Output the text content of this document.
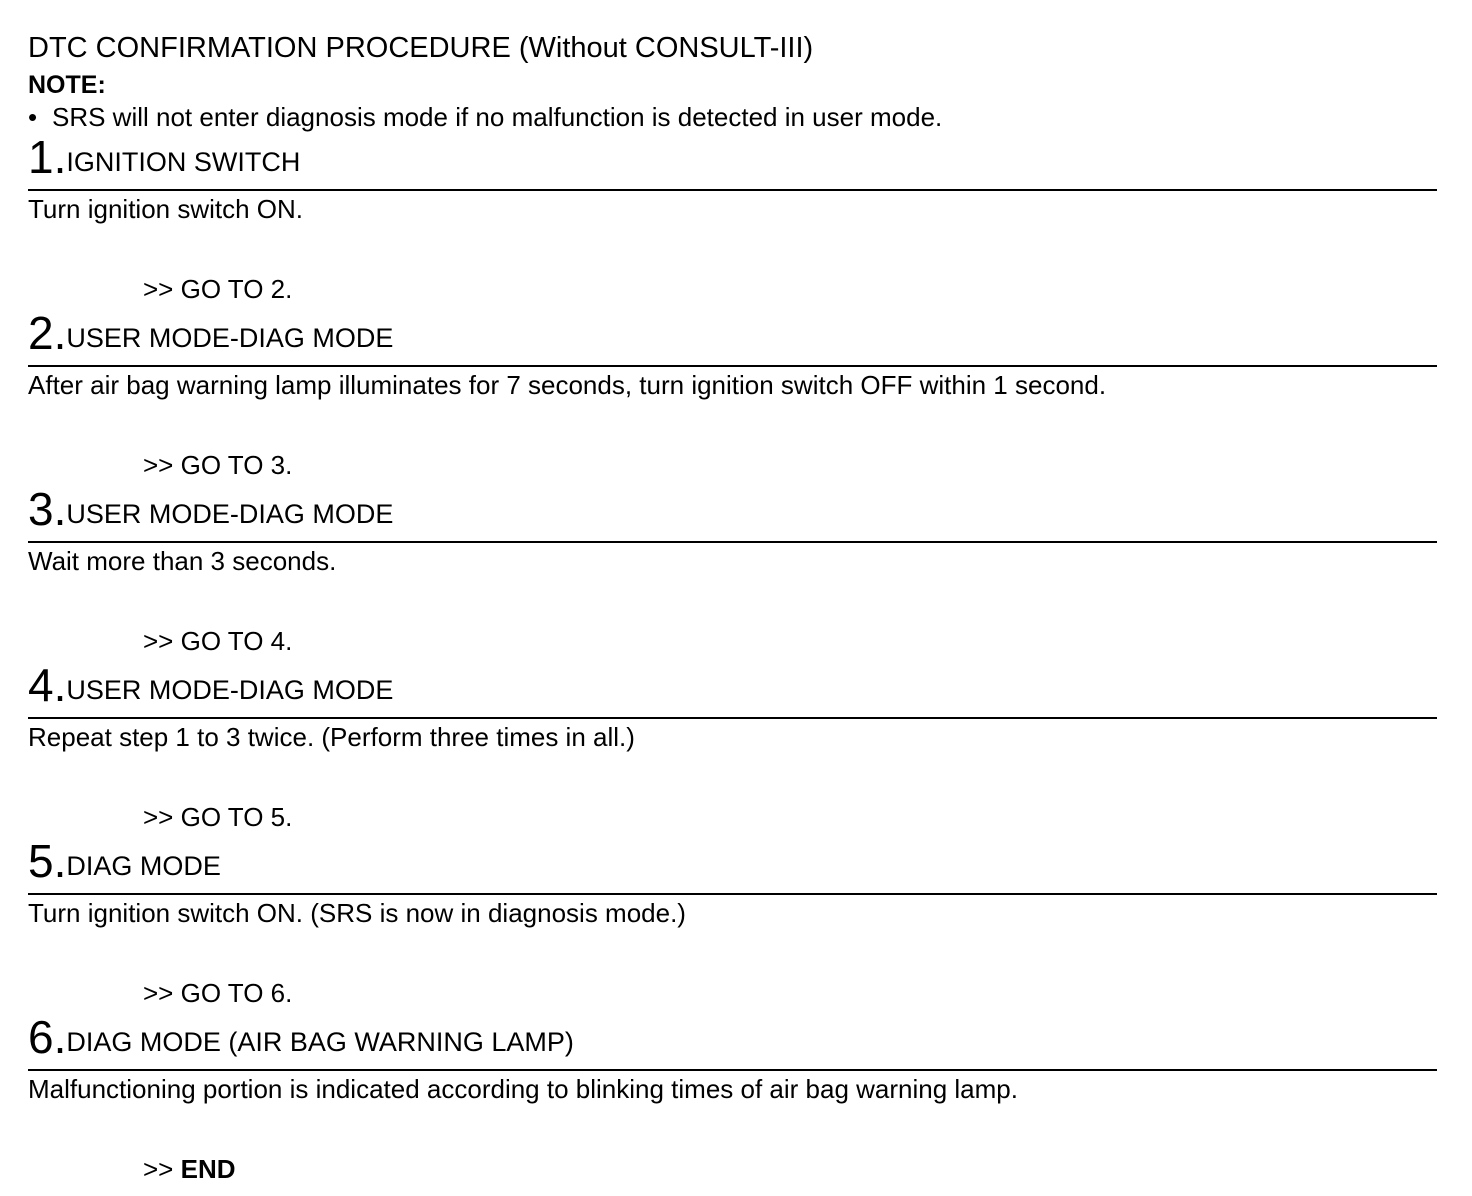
DTC CONFIRMATION PROCEDURE (Without CONSULT-III)
NOTE:
• SRS will not enter diagnosis mode if no malfunction is detected in user mode.
1.IGNITION SWITCH
Turn ignition switch ON.
>> GO TO 2.
2.USER MODE-DIAG MODE
After air bag warning lamp illuminates for 7 seconds, turn ignition switch OFF within 1 second.
>> GO TO 3.
3.USER MODE-DIAG MODE
Wait more than 3 seconds.
>> GO TO 4.
4.USER MODE-DIAG MODE
Repeat step 1 to 3 twice. (Perform three times in all.)
>> GO TO 5.
5.DIAG MODE
Turn ignition switch ON. (SRS is now in diagnosis mode.)
>> GO TO 6.
6.DIAG MODE (AIR BAG WARNING LAMP)
Malfunctioning portion is indicated according to blinking times of air bag warning lamp.
>> END
